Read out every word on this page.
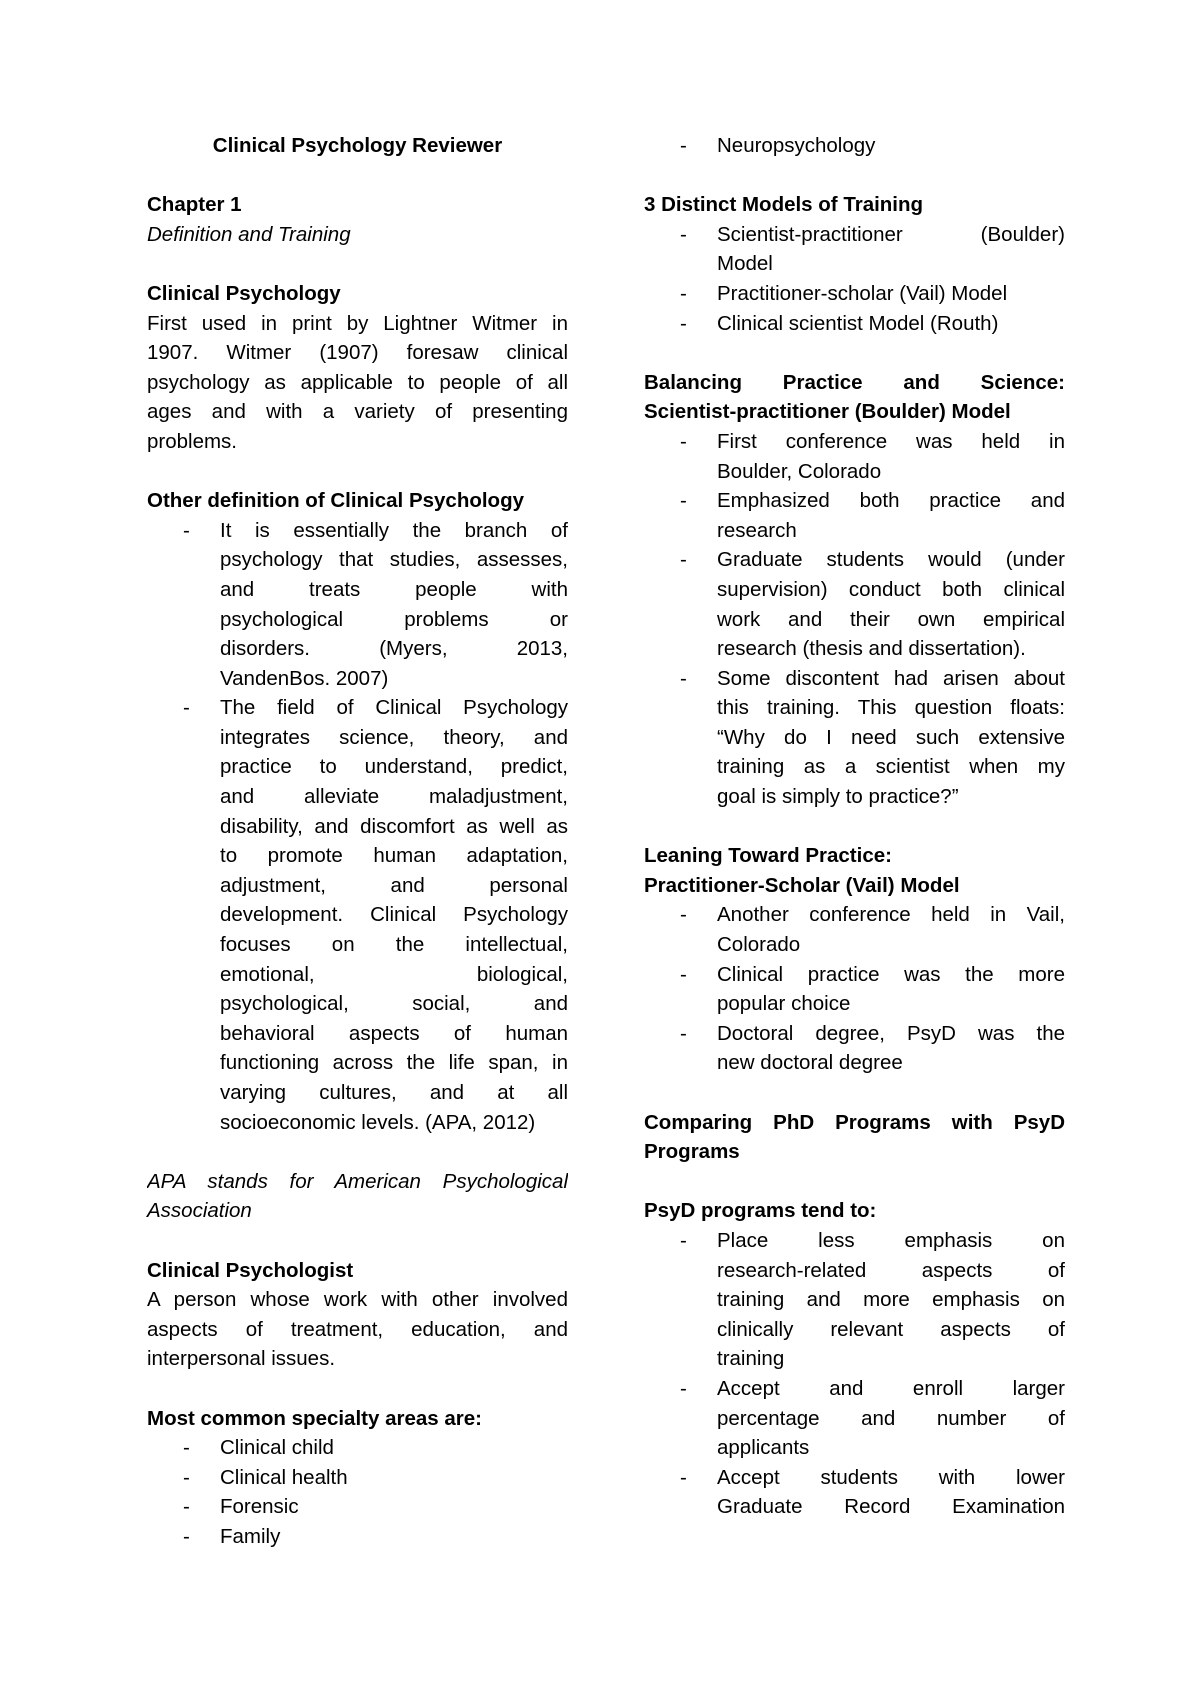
Clinical Psychology Reviewer
Chapter 1
Definition and Training
Clinical Psychology
First used in print by Lightner Witmer in
1907. Witmer (1907) foresaw clinical
psychology as applicable to people of all
ages and with a variety of presenting
problems.
Other definition of Clinical Psychology
- It is essentially the branch of
psychology that studies, assesses,
and treats people with
psychological problems or
disorders. (Myers, 2013,
VandenBos. 2007)
- The field of Clinical Psychology
integrates science, theory, and
practice to understand, predict,
and alleviate maladjustment,
disability, and discomfort as well as
to promote human adaptation,
adjustment, and personal
development. Clinical Psychology
focuses on the intellectual,
emotional, biological,
psychological, social, and
behavioral aspects of human
functioning across the life span, in
varying cultures, and at all
socioeconomic levels. (APA, 2012)
APA stands for American Psychological
Association
Clinical Psychologist
A person whose work with other involved
aspects of treatment, education, and
interpersonal issues.
Most common specialty areas are:
- Clinical child
- Clinical health
- Forensic
- Family
- Neuropsychology
3 Distinct Models of Training
- Scientist-practitioner (Boulder)
Model
- Practitioner-scholar (Vail) Model
- Clinical scientist Model (Routh)
Balancing Practice and Science:
Scientist-practitioner (Boulder) Model
- First conference was held in
Boulder, Colorado
- Emphasized both practice and
research
- Graduate students would (under
supervision) conduct both clinical
work and their own empirical
research (thesis and dissertation).
- Some discontent had arisen about
this training. This question floats:
“Why do I need such extensive
training as a scientist when my
goal is simply to practice?”
Leaning Toward Practice:
Practitioner-Scholar (Vail) Model
- Another conference held in Vail,
Colorado
- Clinical practice was the more
popular choice
- Doctoral degree, PsyD was the
new doctoral degree
Comparing PhD Programs with PsyD
Programs
PsyD programs tend to:
- Place less emphasis on
research-related aspects of
training and more emphasis on
clinically relevant aspects of
training
- Accept and enroll larger
percentage and number of
applicants
- Accept students with lower
Graduate Record Examination
